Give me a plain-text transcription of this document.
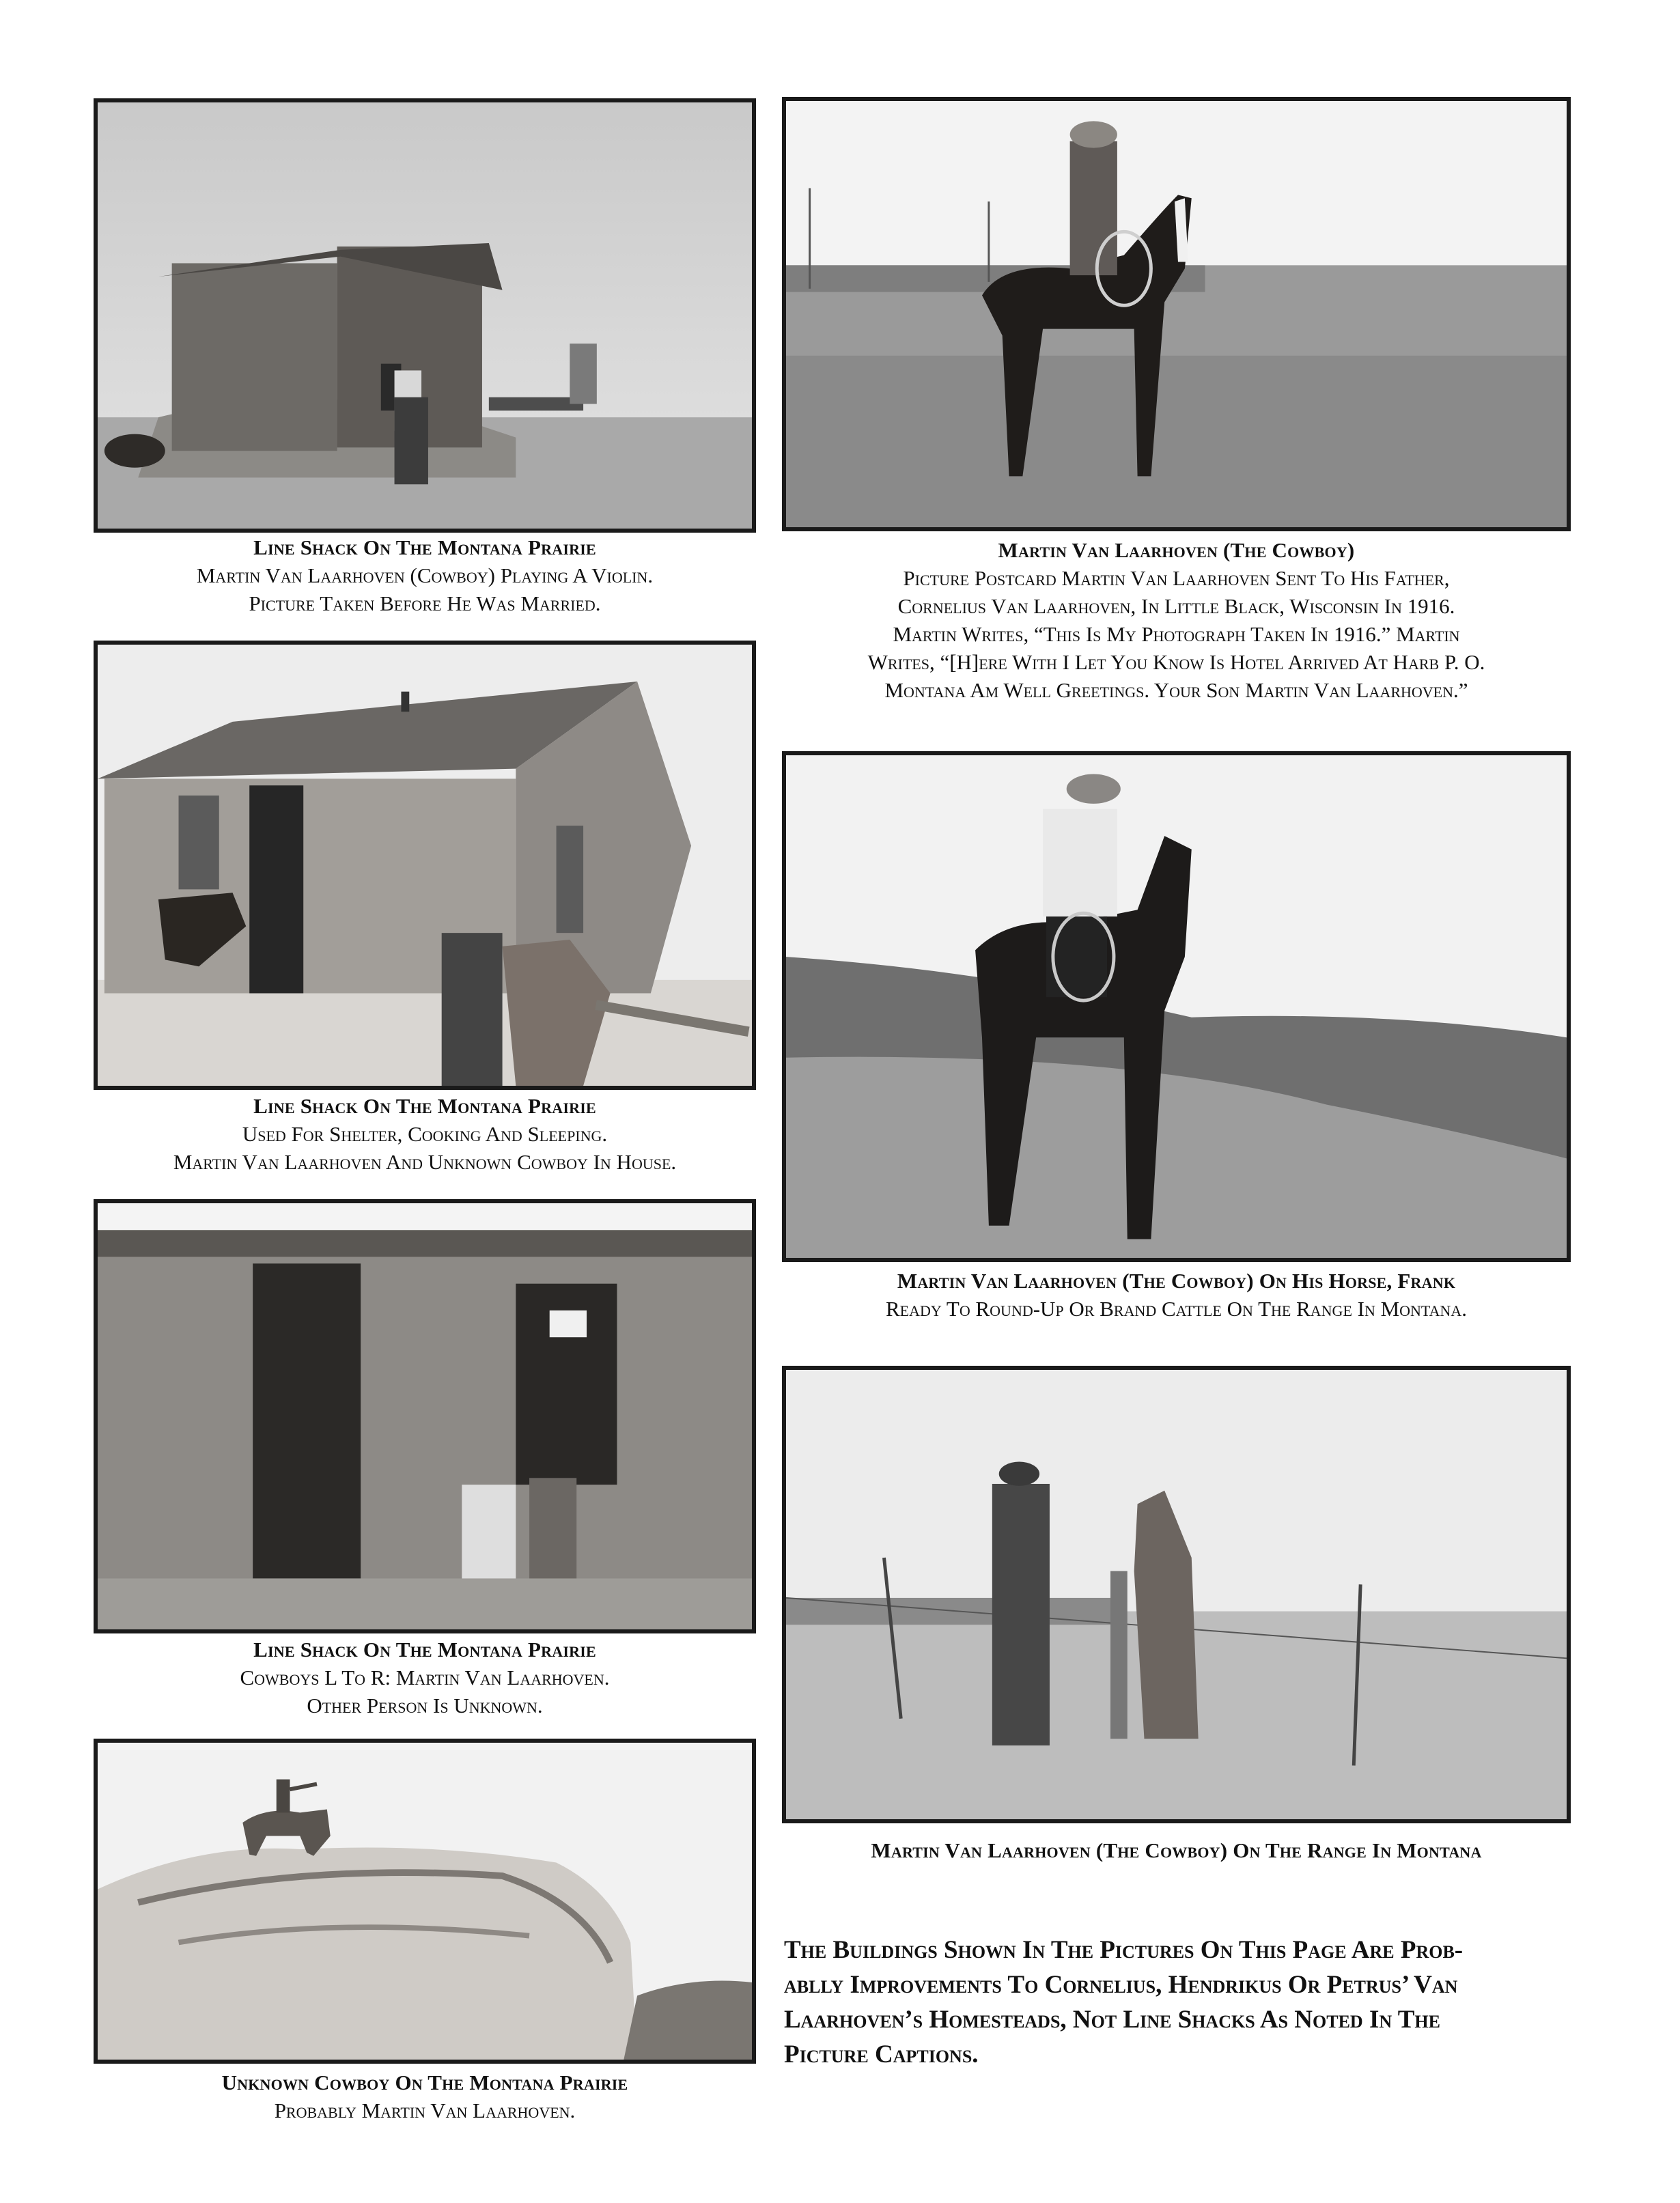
Line Shack On The Montana Prairie
Martin Van Laarhoven (Cowboy) Playing A Violin.
Picture Taken Before He Was Married.
Martin Van Laarhoven (The Cowboy)
Picture Postcard Martin Van Laarhoven Sent To His Father,
Cornelius Van Laarhoven, In Little Black, Wisconsin In 1916.
Martin Writes, “This Is My Photograph Taken In 1916.” Martin
Writes, “[H]ere With I Let You Know Is Hotel Arrived At Harb P. O.
Montana Am Well Greetings. Your Son Martin Van Laarhoven.”
Line Shack On The Montana Prairie
Used For Shelter, Cooking And Sleeping.
Martin Van Laarhoven And Unknown Cowboy In House.
Martin Van Laarhoven (The Cowboy) On His Horse, Frank
Ready To Round-Up Or Brand Cattle On The Range In Montana.
Line Shack On The Montana Prairie
Cowboys L To R: Martin Van Laarhoven.
Other Person Is Unknown.
Martin Van Laarhoven (The Cowboy) On The Range In Montana
Unknown Cowboy On The Montana Prairie
Probably Martin Van Laarhoven.
The Buildings Shown In The Pictures On This Page Are Prob-
ablly Improvements To Cornelius, Hendrikus Or Petrus’ Van
Laarhoven’s Homesteads, Not Line Shacks As Noted In The
Picture Captions.
